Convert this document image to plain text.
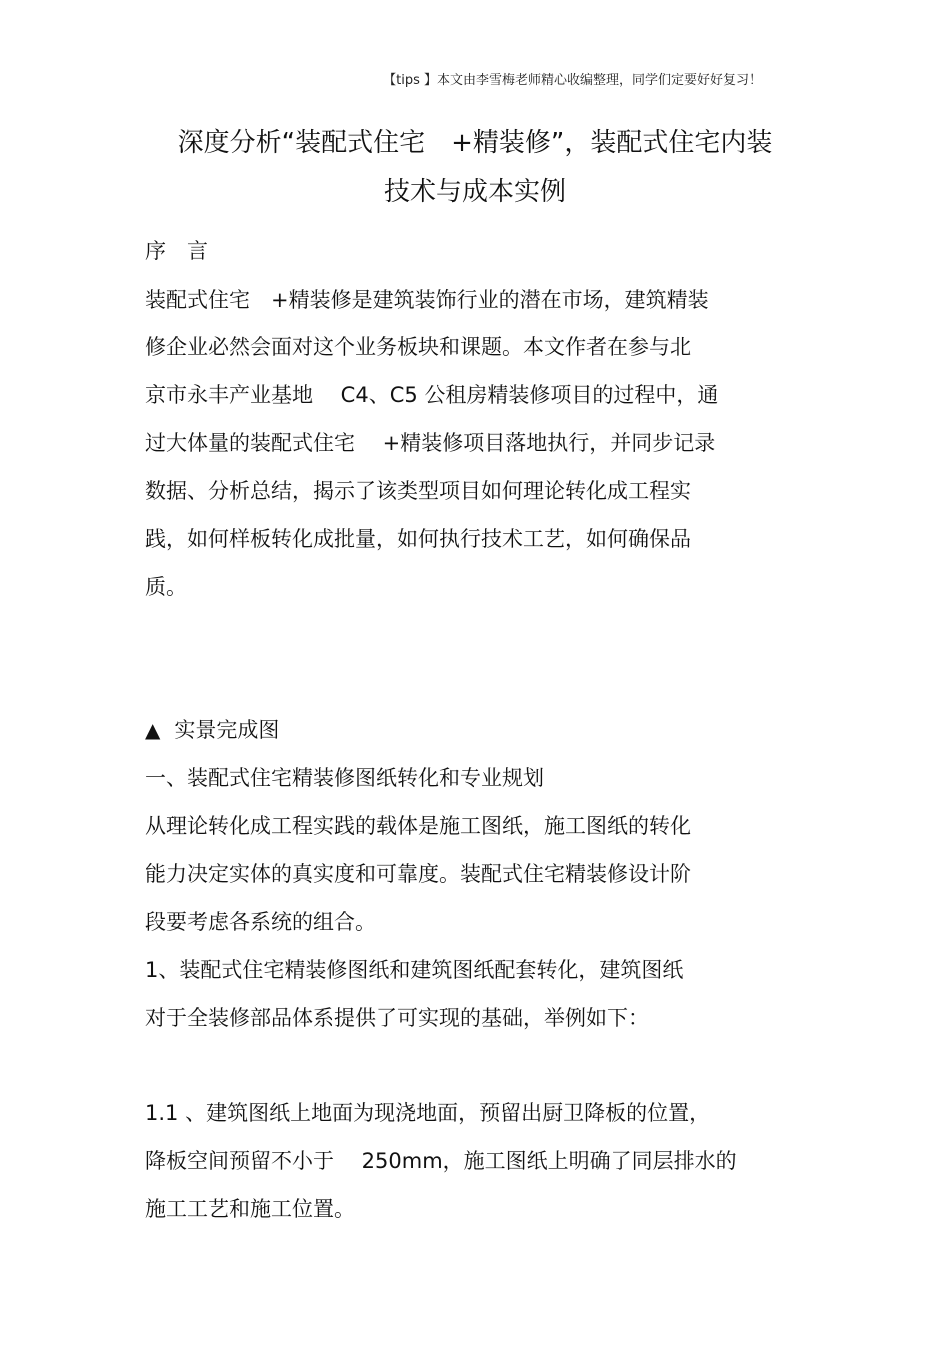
【tips 】本文由李雪梅老师精心收编整理，同学们定要好好复习！
深度分析“装配式住宅　+精装修”，装配式住宅内装
技术与成本实例
序　言
装配式住宅　+精装修是建筑装饰行业的潜在市场，建筑精装
修企业必然会面对这个业务板块和课题。本文作者在参与北
京市永丰产业基地　 C4、C5 公租房精装修项目的过程中，通
过大体量的装配式住宅　 +精装修项目落地执行，并同步记录
数据、分析总结，揭示了该类型项目如何理论转化成工程实
践，如何样板转化成批量，如何执行技术工艺，如何确保品
质。
▲ 实景完成图
一、装配式住宅精装修图纸转化和专业规划
从理论转化成工程实践的载体是施工图纸，施工图纸的转化
能力决定实体的真实度和可靠度。装配式住宅精装修设计阶
段要考虑各系统的组合。
1、装配式住宅精装修图纸和建筑图纸配套转化，建筑图纸
对于全装修部品体系提供了可实现的基础，举例如下：
1.1 、建筑图纸上地面为现浇地面，预留出厨卫降板的位置，
降板空间预留不小于　 250mm，施工图纸上明确了同层排水的
施工工艺和施工位置。
